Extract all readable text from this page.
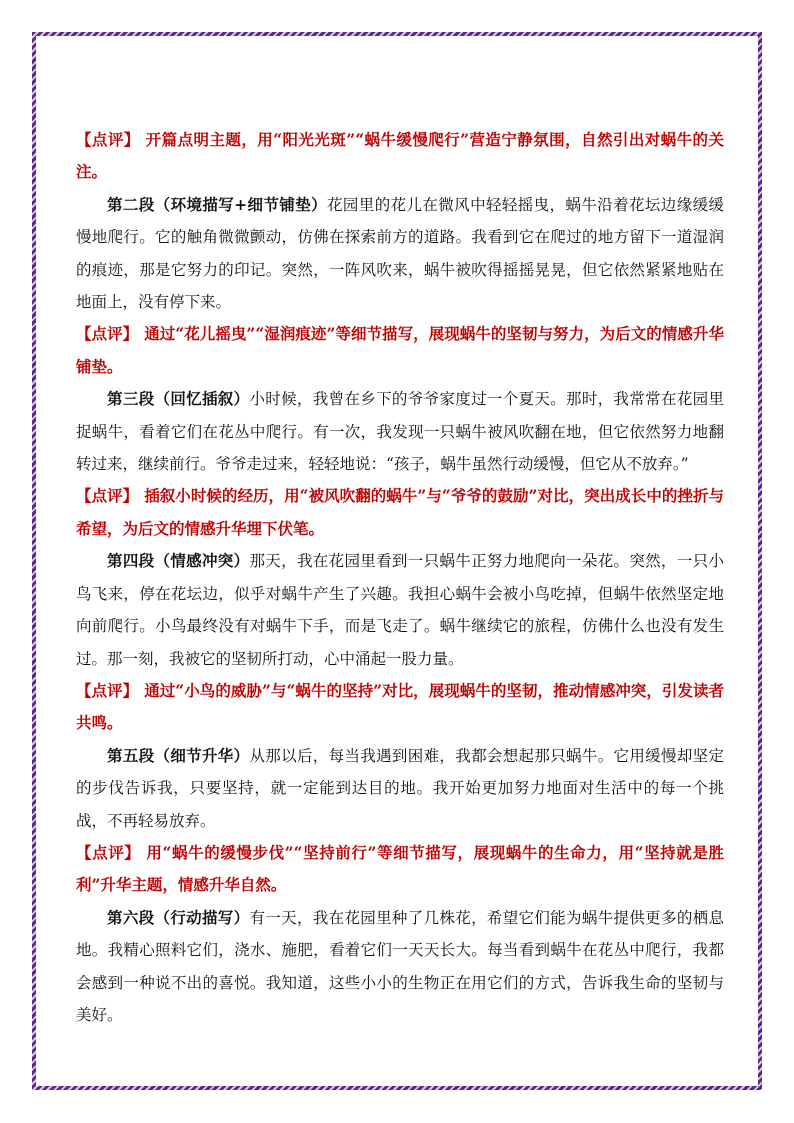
【点评】 开篇点明主题，用“阳光光斑”“蜗牛缓慢爬行”营造宁静氛围，自然引出对蜗牛的关注。

第二段（环境描写+细节铺垫）花园里的花儿在微风中轻轻摇曳，蜗牛沿着花坛边缘缓缓慢地爬行。它的触角微微颤动，仿佛在探索前方的道路。我看到它在爬过的地方留下一道湿润的痕迹，那是它努力的印记。突然，一阵风吹来，蜗牛被吹得摇摇晃晃，但它依然紧紧地贴在地面上，没有停下来。

【点评】 通过“花儿摇曳”“湿润痕迹”等细节描写，展现蜗牛的坚韧与努力，为后文的情感升华铺垫。

第三段（回忆插叙）小时候，我曾在乡下的爷爷家度过一个夏天。那时，我常常在花园里捉蜗牛，看着它们在花丛中爬行。有一次，我发现一只蜗牛被风吹翻在地，但它依然努力地翻转过来，继续前行。爷爷走过来，轻轻地说：“孩子，蜗牛虽然行动缓慢，但它从不放弃。”

【点评】 插叙小时候的经历，用“被风吹翻的蜗牛”与“爷爷的鼓励”对比，突出成长中的挫折与希望，为后文的情感升华埋下伏笔。

第四段（情感冲突）那天，我在花园里看到一只蜗牛正努力地爬向一朵花。突然，一只小鸟飞来，停在花坛边，似乎对蜗牛产生了兴趣。我担心蜗牛会被小鸟吃掉，但蜗牛依然坚定地向前爬行。小鸟最终没有对蜗牛下手，而是飞走了。蜗牛继续它的旅程，仿佛什么也没有发生过。那一刻，我被它的坚韧所打动，心中涌起一股力量。

【点评】 通过“小鸟的威胁”与“蜗牛的坚持”对比，展现蜗牛的坚韧，推动情感冲突，引发读者共鸣。

第五段（细节升华）从那以后，每当我遇到困难，我都会想起那只蜗牛。它用缓慢却坚定的步伐告诉我，只要坚持，就一定能到达目的地。我开始更加努力地面对生活中的每一个挑战，不再轻易放弃。

【点评】 用“蜗牛的缓慢步伐”“坚持前行”等细节描写，展现蜗牛的生命力，用“坚持就是胜利”升华主题，情感升华自然。

第六段（行动描写）有一天，我在花园里种了几株花，希望它们能为蜗牛提供更多的栖息地。我精心照料它们，浇水、施肥，看着它们一天天长大。每当看到蜗牛在花丛中爬行，我都会感到一种说不出的喜悦。我知道，这些小小的生物正在用它们的方式，告诉我生命的坚韧与美好。
